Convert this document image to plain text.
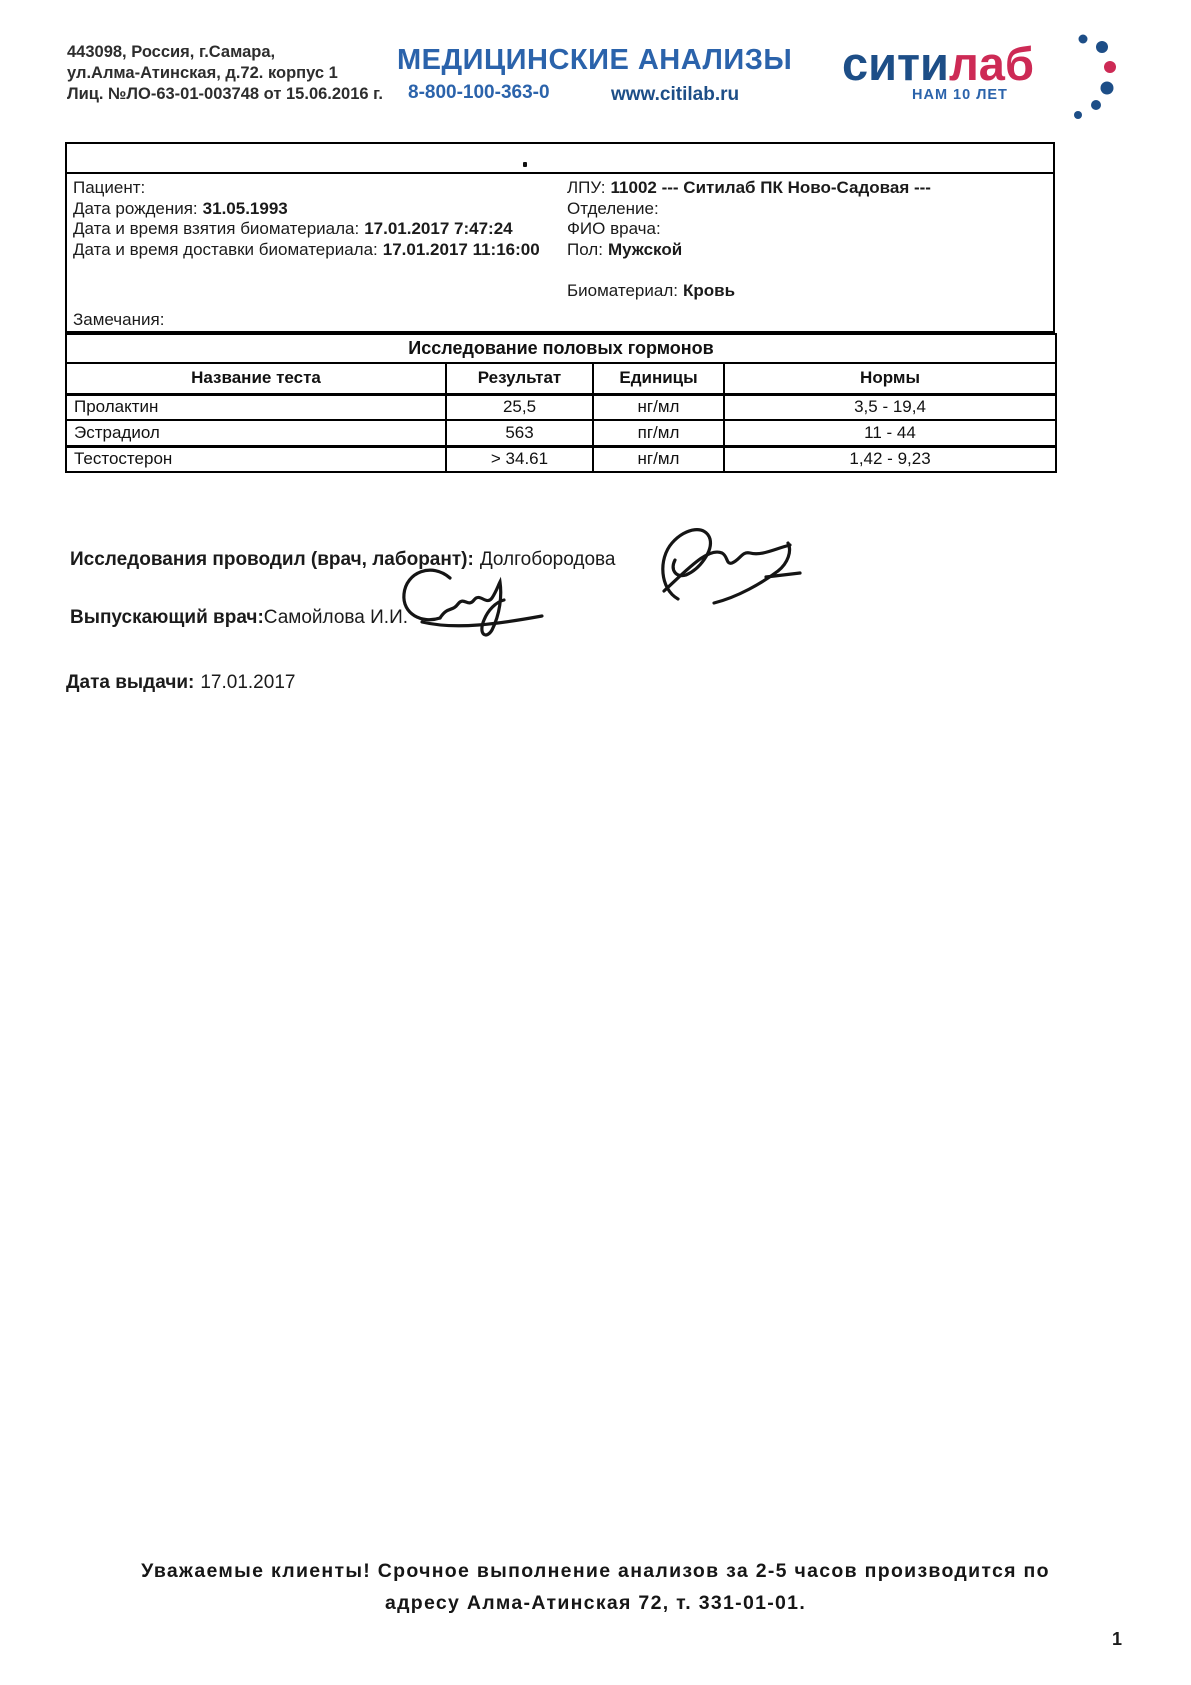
443098, Россия, г.Самара,
ул.Алма-Атинская, д.72. корпус 1
Лиц. №ЛО-63-01-003748 от 15.06.2016 г.
МЕДИЦИНСКИЕ АНАЛИЗЫ
8-800-100-363-0	www.citilab.ru
ситилаб
НАМ 10 ЛЕТ
Пациент:
Дата рождения: 31.05.1993
Дата и время взятия биоматериала: 17.01.2017 7:47:24
Дата и время доставки биоматериала: 17.01.2017 11:16:00
ЛПУ: 11002 --- Ситилаб ПК Ново-Садовая ---
Отделение:
ФИО врача:
Пол: Мужской
Биоматериал: Кровь
Замечания:
Исследование половых гормонов			
Название теста	Результат	Единицы	Нормы
Пролактин	25,5	нг/мл	3,5 - 19,4
Эстрадиол	563	пг/мл	11 - 44
Тестостерон	> 34.61	нг/мл	1,42 - 9,23
Исследования проводил (врач, лаборант): Долгобородова
Выпускающий врач:Самойлова И.И.
Дата выдачи: 17.01.2017
Уважаемые клиенты! Срочное выполнение анализов за 2-5 часов производится по
адресу Алма-Атинская 72, т. 331-01-01.
1
